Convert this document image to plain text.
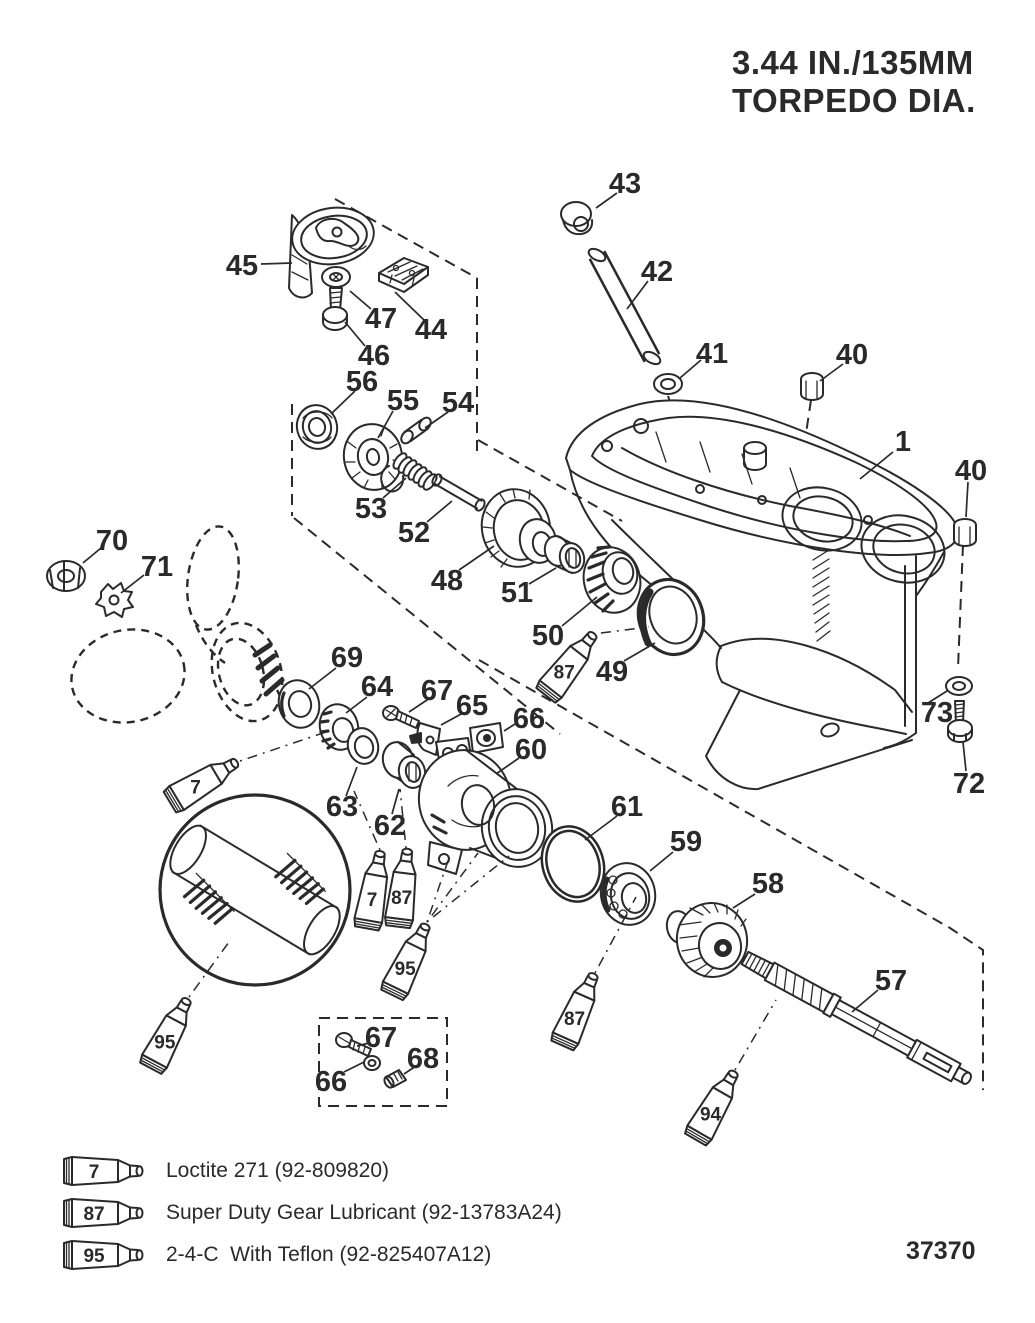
3.44 IN./135MM
TORPEDO DIA.
7
87
7 87
95
87
95
94
1
40
40
41
42
43
44
45
46
47
48
49
50
51
52
53
54
55
56
57
58
59
60
61
62
63
64
65 66
67
69
70
71
72
73
66
67
68
7	Loctite 271 (92-809820)
87	Super Duty Gear Lubricant (92-13783A24)
95	2-4-C  With Teflon (92-825407A12)	37370
